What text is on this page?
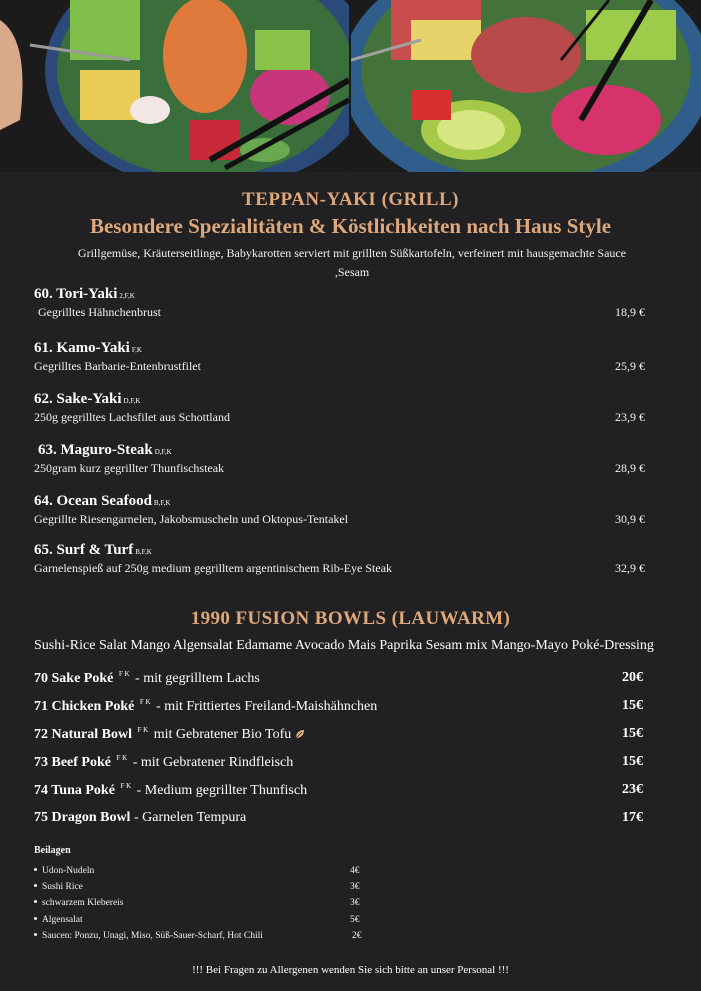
TEPPAN-YAKI (GRILL)
Besondere Spezialitäten & Köstlichkeiten nach Haus Style
Grillgemüse, Kräuterseitlinge, Babykarotten serviert mit grillten Süßkartofeln, verfeinert mit hausgemachte Sauce ,Sesam
60. Tori-Yaki 2,F,K
Gegrilltes Hähnchenbrust	18,9 €
61. Kamo-Yaki F,K
Gegrilltes Barbarie-Entenbrustfilet	25,9 €
62. Sake-Yaki D,F,K
250g gegrilltes Lachsfilet aus Schottland	23,9 €
63. Maguro-Steak D,F,K
250gram kurz gegrillter Thunfischsteak	28,9 €
64. Ocean Seafood B,F,K
Gegrillte Riesengarnelen, Jakobsmuscheln und Oktopus-Tentakel	30,9 €
65. Surf & Turf B,F,K
Garnelenspieß auf 250g medium gegrilltem argentinischem Rib-Eye Steak	32,9 €
1990 FUSION BOWLS (LAUWARM)
Sushi-Rice Salat Mango Algensalat Edamame Avocado Mais Paprika Sesam mix Mango-Mayo Poké-Dressing
70 Sake Poké $^{F K}$ - mit gegrilltem Lachs	20€
71 Chicken Poké $^{F K}$ - mit Frittiertes Freiland-Maishähnchen	15€
72 Natural Bowl $^{F K}$ mit Gebratener Bio Tofu	15€
73 Beef Poké $^{F K}$ - mit Gebratener Rindfleisch	15€
74 Tuna Poké $^{F K}$ - Medium gegrillter Thunfisch	23€
75 Dragon Bowl - Garnelen Tempura	17€
Beilagen
Udon-Nudeln	4€
Sushi Rice	3€
schwarzem Klebereis	3€
Algensalat	5€
Saucen: Ponzu, Unagi, Miso, Süß-Sauer-Scharf, Hot Chili	2€
!!! Bei Fragen zu Allergenen wenden Sie sich bitte an unser Personal !!!
